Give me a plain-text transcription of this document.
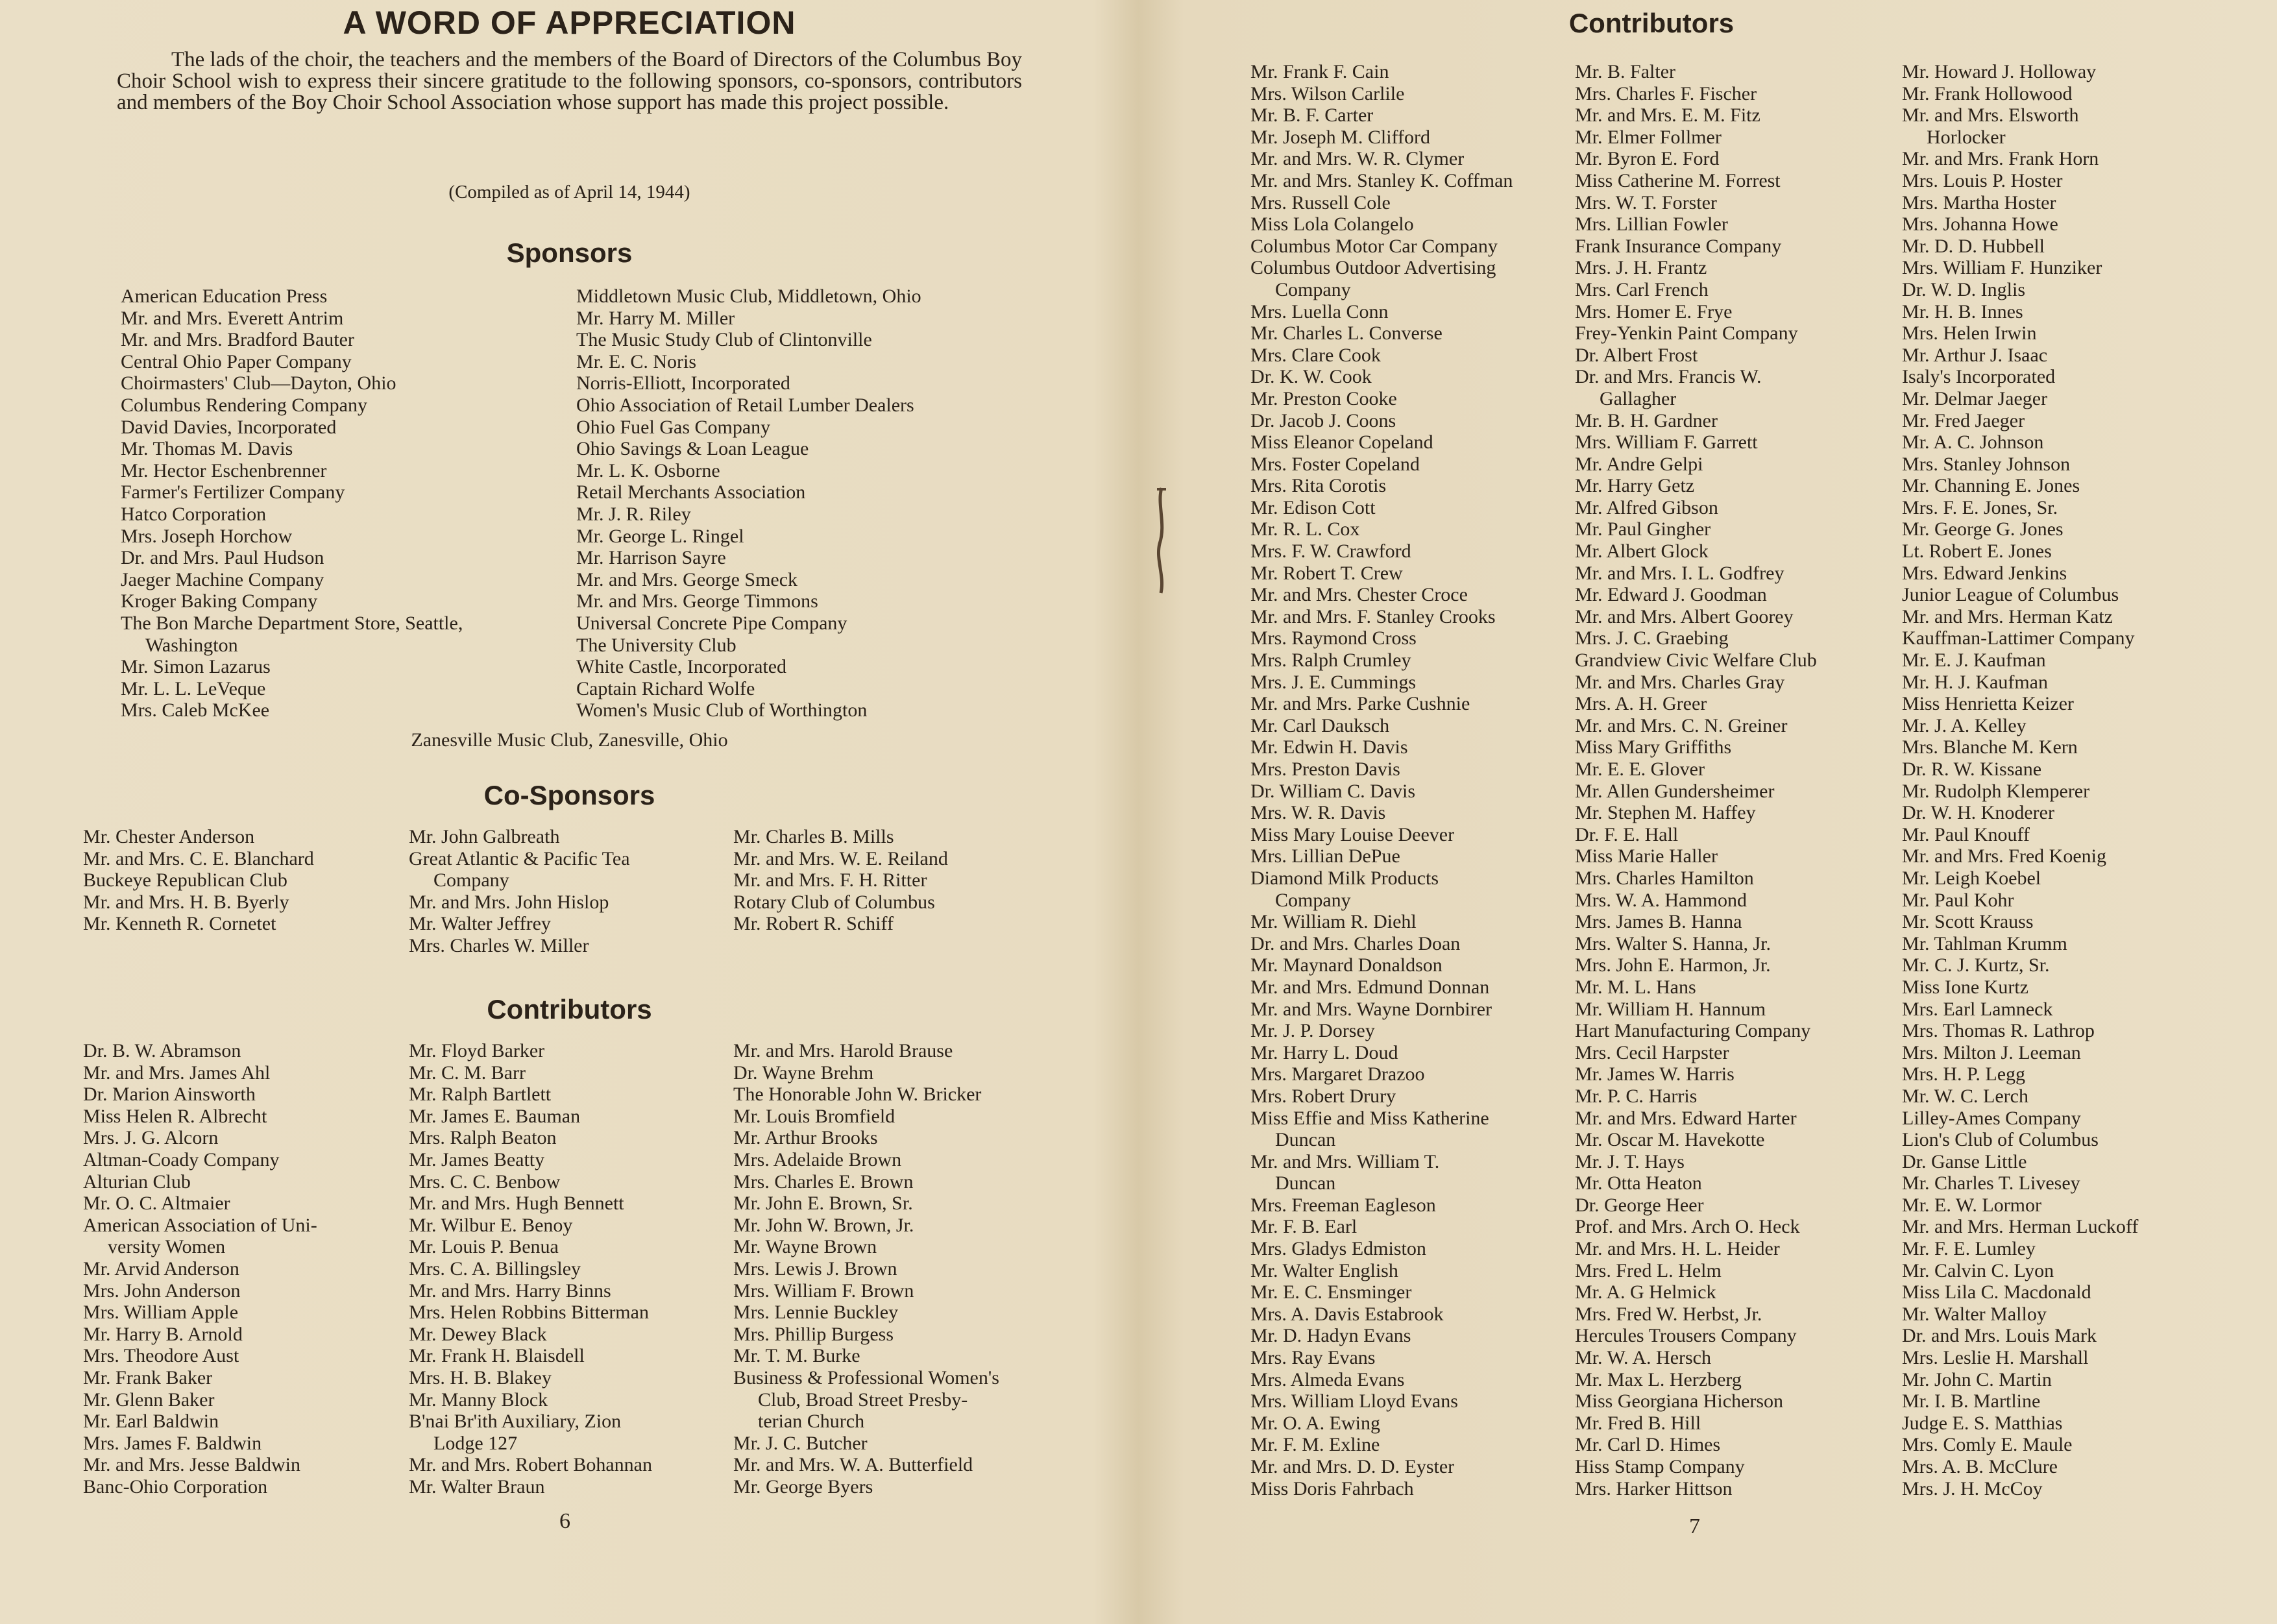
A WORD OF APPRECIATION
The lads of the choir, the teachers and the members of the Board of Directors of the Columbus Boy Choir School wish to express their sincere gratitude to the following sponsors, co-sponsors, contributors and members of the Boy Choir School Association whose support has made this project possible.
(Compiled as of April 14, 1944)
Sponsors
American Education Press
Mr. and Mrs. Everett Antrim
Mr. and Mrs. Bradford Bauter
Central Ohio Paper Company
Choirmasters' Club—Dayton, Ohio
Columbus Rendering Company
David Davies, Incorporated
Mr. Thomas M. Davis
Mr. Hector Eschenbrenner
Farmer's Fertilizer Company
Hatco Corporation
Mrs. Joseph Horchow
Dr. and Mrs. Paul Hudson
Jaeger Machine Company
Kroger Baking Company
The Bon Marche Department Store, Seattle,
Washington
Mr. Simon Lazarus
Mr. L. L. LeVeque
Mrs. Caleb McKee
Middletown Music Club, Middletown, Ohio
Mr. Harry M. Miller
The Music Study Club of Clintonville
Mr. E. C. Noris
Norris-Elliott, Incorporated
Ohio Association of Retail Lumber Dealers
Ohio Fuel Gas Company
Ohio Savings & Loan League
Mr. L. K. Osborne
Retail Merchants Association
Mr. J. R. Riley
Mr. George L. Ringel
Mr. Harrison Sayre
Mr. and Mrs. George Smeck
Mr. and Mrs. George Timmons
Universal Concrete Pipe Company
The University Club
White Castle, Incorporated
Captain Richard Wolfe
Women's Music Club of Worthington
Zanesville Music Club, Zanesville, Ohio
Co-Sponsors
Mr. Chester Anderson
Mr. and Mrs. C. E. Blanchard
Buckeye Republican Club
Mr. and Mrs. H. B. Byerly
Mr. Kenneth R. Cornetet
Mr. John Galbreath
Great Atlantic & Pacific Tea
Company
Mr. and Mrs. John Hislop
Mr. Walter Jeffrey
Mrs. Charles W. Miller
Mr. Charles B. Mills
Mr. and Mrs. W. E. Reiland
Mr. and Mrs. F. H. Ritter
Rotary Club of Columbus
Mr. Robert R. Schiff
Contributors
Dr. B. W. Abramson
Mr. and Mrs. James Ahl
Dr. Marion Ainsworth
Miss Helen R. Albrecht
Mrs. J. G. Alcorn
Altman-Coady Company
Alturian Club
Mr. O. C. Altmaier
American Association of Uni-
versity Women
Mr. Arvid Anderson
Mrs. John Anderson
Mrs. William Apple
Mr. Harry B. Arnold
Mrs. Theodore Aust
Mr. Frank Baker
Mr. Glenn Baker
Mr. Earl Baldwin
Mrs. James F. Baldwin
Mr. and Mrs. Jesse Baldwin
Banc-Ohio Corporation
Mr. Floyd Barker
Mr. C. M. Barr
Mr. Ralph Bartlett
Mr. James E. Bauman
Mrs. Ralph Beaton
Mr. James Beatty
Mrs. C. C. Benbow
Mr. and Mrs. Hugh Bennett
Mr. Wilbur E. Benoy
Mr. Louis P. Benua
Mrs. C. A. Billingsley
Mr. and Mrs. Harry Binns
Mrs. Helen Robbins Bitterman
Mr. Dewey Black
Mr. Frank H. Blaisdell
Mrs. H. B. Blakey
Mr. Manny Block
B'nai Br'ith Auxiliary, Zion
Lodge 127
Mr. and Mrs. Robert Bohannan
Mr. Walter Braun
Mr. and Mrs. Harold Brause
Dr. Wayne Brehm
The Honorable John W. Bricker
Mr. Louis Bromfield
Mr. Arthur Brooks
Mrs. Adelaide Brown
Mrs. Charles E. Brown
Mr. John E. Brown, Sr.
Mr. John W. Brown, Jr.
Mr. Wayne Brown
Mrs. Lewis J. Brown
Mrs. William F. Brown
Mrs. Lennie Buckley
Mrs. Phillip Burgess
Mr. T. M. Burke
Business & Professional Women's
Club, Broad Street Presby-
terian Church
Mr. J. C. Butcher
Mr. and Mrs. W. A. Butterfield
Mr. George Byers
6
Contributors
Mr. Frank F. Cain
Mrs. Wilson Carlile
Mr. B. F. Carter
Mr. Joseph M. Clifford
Mr. and Mrs. W. R. Clymer
Mr. and Mrs. Stanley K. Coffman
Mrs. Russell Cole
Miss Lola Colangelo
Columbus Motor Car Company
Columbus Outdoor Advertising
Company
Mrs. Luella Conn
Mr. Charles L. Converse
Mrs. Clare Cook
Dr. K. W. Cook
Mr. Preston Cooke
Dr. Jacob J. Coons
Miss Eleanor Copeland
Mrs. Foster Copeland
Mrs. Rita Corotis
Mr. Edison Cott
Mr. R. L. Cox
Mrs. F. W. Crawford
Mr. Robert T. Crew
Mr. and Mrs. Chester Croce
Mr. and Mrs. F. Stanley Crooks
Mrs. Raymond Cross
Mrs. Ralph Crumley
Mrs. J. E. Cummings
Mr. and Mrs. Parke Cushnie
Mr. Carl Dauksch
Mr. Edwin H. Davis
Mrs. Preston Davis
Dr. William C. Davis
Mrs. W. R. Davis
Miss Mary Louise Deever
Mrs. Lillian DePue
Diamond Milk Products
Company
Mr. William R. Diehl
Dr. and Mrs. Charles Doan
Mr. Maynard Donaldson
Mr. and Mrs. Edmund Donnan
Mr. and Mrs. Wayne Dornbirer
Mr. J. P. Dorsey
Mr. Harry L. Doud
Mrs. Margaret Drazoo
Mrs. Robert Drury
Miss Effie and Miss Katherine
Duncan
Mr. and Mrs. William T.
Duncan
Mrs. Freeman Eagleson
Mr. F. B. Earl
Mrs. Gladys Edmiston
Mr. Walter English
Mr. E. C. Ensminger
Mrs. A. Davis Estabrook
Mr. D. Hadyn Evans
Mrs. Ray Evans
Mrs. Almeda Evans
Mrs. William Lloyd Evans
Mr. O. A. Ewing
Mr. F. M. Exline
Mr. and Mrs. D. D. Eyster
Miss Doris Fahrbach
Mr. B. Falter
Mrs. Charles F. Fischer
Mr. and Mrs. E. M. Fitz
Mr. Elmer Follmer
Mr. Byron E. Ford
Miss Catherine M. Forrest
Mrs. W. T. Forster
Mrs. Lillian Fowler
Frank Insurance Company
Mrs. J. H. Frantz
Mrs. Carl French
Mrs. Homer E. Frye
Frey-Yenkin Paint Company
Dr. Albert Frost
Dr. and Mrs. Francis W.
Gallagher
Mr. B. H. Gardner
Mrs. William F. Garrett
Mr. Andre Gelpi
Mr. Harry Getz
Mr. Alfred Gibson
Mr. Paul Gingher
Mr. Albert Glock
Mr. and Mrs. I. L. Godfrey
Mr. Edward J. Goodman
Mr. and Mrs. Albert Goorey
Mrs. J. C. Graebing
Grandview Civic Welfare Club
Mr. and Mrs. Charles Gray
Mrs. A. H. Greer
Mr. and Mrs. C. N. Greiner
Miss Mary Griffiths
Mr. E. E. Glover
Mr. Allen Gundersheimer
Mr. Stephen M. Haffey
Dr. F. E. Hall
Miss Marie Haller
Mrs. Charles Hamilton
Mrs. W. A. Hammond
Mrs. James B. Hanna
Mrs. Walter S. Hanna, Jr.
Mrs. John E. Harmon, Jr.
Mr. M. L. Hans
Mr. William H. Hannum
Hart Manufacturing Company
Mrs. Cecil Harpster
Mr. James W. Harris
Mr. P. C. Harris
Mr. and Mrs. Edward Harter
Mr. Oscar M. Havekotte
Mr. J. T. Hays
Mr. Otta Heaton
Dr. George Heer
Prof. and Mrs. Arch O. Heck
Mr. and Mrs. H. L. Heider
Mrs. Fred L. Helm
Mr. A. G Helmick
Mrs. Fred W. Herbst, Jr.
Hercules Trousers Company
Mr. W. A. Hersch
Mr. Max L. Herzberg
Miss Georgiana Hicherson
Mr. Fred B. Hill
Mr. Carl D. Himes
Hiss Stamp Company
Mrs. Harker Hittson
Mr. Howard J. Holloway
Mr. Frank Hollowood
Mr. and Mrs. Elsworth
Horlocker
Mr. and Mrs. Frank Horn
Mrs. Louis P. Hoster
Mrs. Martha Hoster
Mrs. Johanna Howe
Mr. D. D. Hubbell
Mrs. William F. Hunziker
Dr. W. D. Inglis
Mr. H. B. Innes
Mrs. Helen Irwin
Mr. Arthur J. Isaac
Isaly's Incorporated
Mr. Delmar Jaeger
Mr. Fred Jaeger
Mr. A. C. Johnson
Mrs. Stanley Johnson
Mr. Channing E. Jones
Mrs. F. E. Jones, Sr.
Mr. George G. Jones
Lt. Robert E. Jones
Mrs. Edward Jenkins
Junior League of Columbus
Mr. and Mrs. Herman Katz
Kauffman-Lattimer Company
Mr. E. J. Kaufman
Mr. H. J. Kaufman
Miss Henrietta Keizer
Mr. J. A. Kelley
Mrs. Blanche M. Kern
Dr. R. W. Kissane
Mr. Rudolph Klemperer
Dr. W. H. Knoderer
Mr. Paul Knouff
Mr. and Mrs. Fred Koenig
Mr. Leigh Koebel
Mr. Paul Kohr
Mr. Scott Krauss
Mr. Tahlman Krumm
Mr. C. J. Kurtz, Sr.
Miss Ione Kurtz
Mrs. Earl Lamneck
Mrs. Thomas R. Lathrop
Mrs. Milton J. Leeman
Mrs. H. P. Legg
Mr. W. C. Lerch
Lilley-Ames Company
Lion's Club of Columbus
Dr. Ganse Little
Mr. Charles T. Livesey
Mr. E. W. Lormor
Mr. and Mrs. Herman Luckoff
Mr. F. E. Lumley
Mr. Calvin C. Lyon
Miss Lila C. Macdonald
Mr. Walter Malloy
Dr. and Mrs. Louis Mark
Mrs. Leslie H. Marshall
Mr. John C. Martin
Mr. I. B. Martline
Judge E. S. Matthias
Mrs. Comly E. Maule
Mrs. A. B. McClure
Mrs. J. H. McCoy
7
